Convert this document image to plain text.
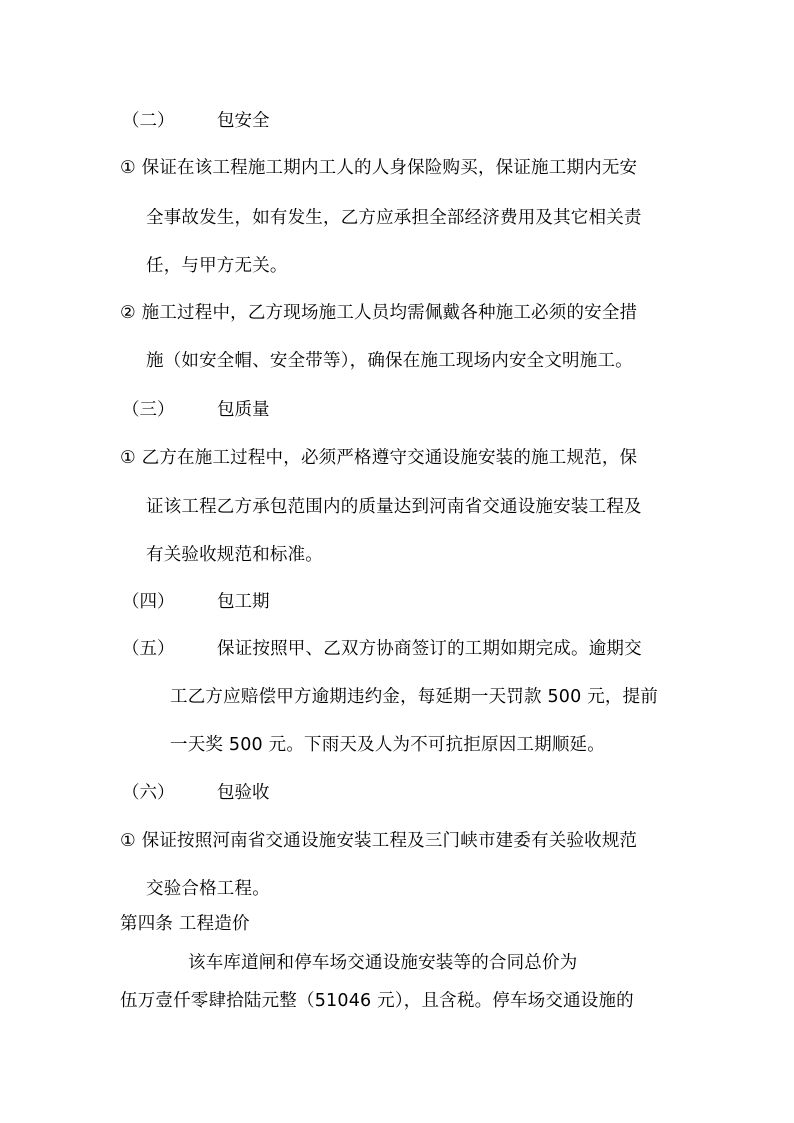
（二） 包安全
① 保证在该工程施工期内工人的人身保险购买，保证施工期内无安
全事故发生，如有发生，乙方应承担全部经济费用及其它相关责
任，与甲方无关。
② 施工过程中，乙方现场施工人员均需佩戴各种施工必须的安全措
施（如安全帽、安全带等），确保在施工现场内安全文明施工。
（三） 包质量
① 乙方在施工过程中，必须严格遵守交通设施安装的施工规范，保
证该工程乙方承包范围内的质量达到河南省交通设施安装工程及
有关验收规范和标准。
（四） 包工期
（五） 保证按照甲、乙双方协商签订的工期如期完成。逾期交
工乙方应赔偿甲方逾期违约金，每延期一天罚款 500 元，提前
一天奖 500 元。下雨天及人为不可抗拒原因工期顺延。
（六） 包验收
① 保证按照河南省交通设施安装工程及三门峡市建委有关验收规范
交验合格工程。
第四条 工程造价
该车库道闸和停车场交通设施安装等的合同总价为
伍万壹仟零肆拾陆元整（51046 元），且含税。停车场交通设施的
